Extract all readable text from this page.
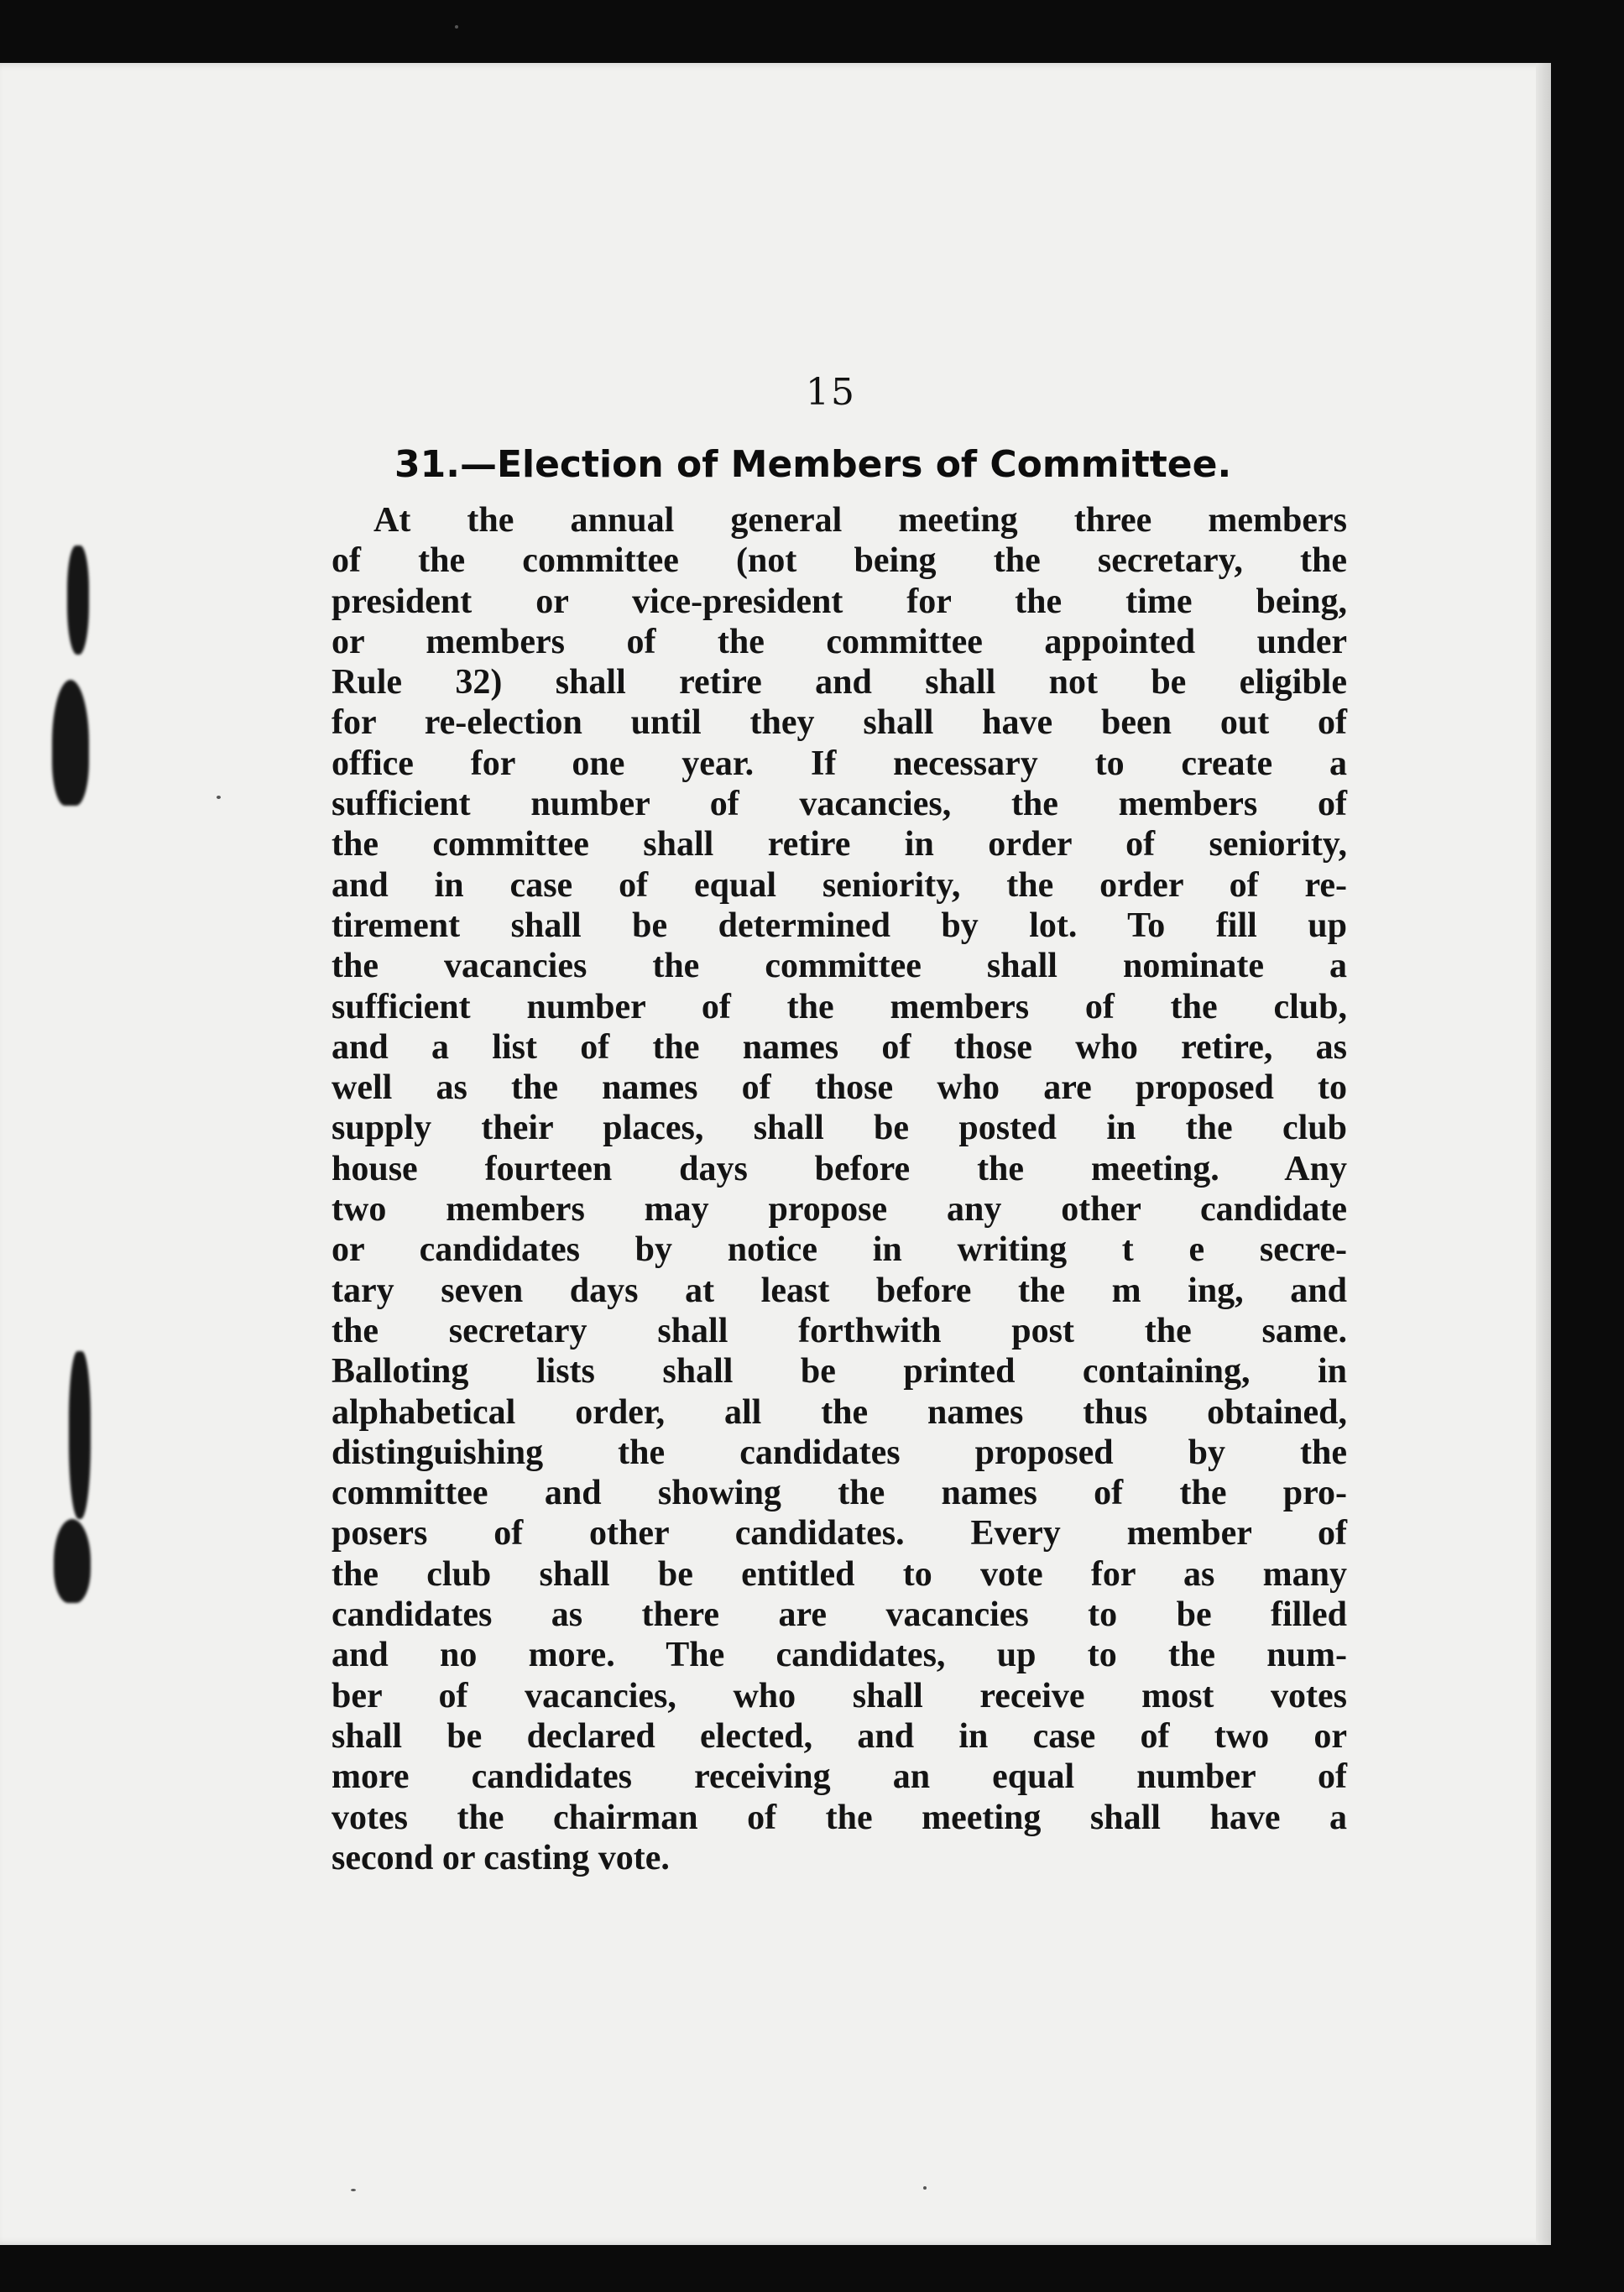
15
31.—Election of Members of Committee.
At the annual general meeting three members
of the committee (not being the secretary, the
president or vice-president for the time being,
or members of the committee appointed under
Rule 32) shall retire and shall not be eligible
for re-election until they shall have been out of
office for one year. If necessary to create a
sufficient number of vacancies, the members of
the committee shall retire in order of seniority,
and in case of equal seniority, the order of re-
tirement shall be determined by lot. To fill up
the vacancies the committee shall nominate a
sufficient number of the members of the club,
and a list of the names of those who retire, as
well as the names of those who are proposed to
supply their places, shall be posted in the club
house fourteen days before the meeting. Any
two members may propose any other candidate
or candidates by notice in writing t e secre-
tary seven days at least before the m ing, and
the secretary shall forthwith post the same.
Balloting lists shall be printed containing, in
alphabetical order, all the names thus obtained,
distinguishing the candidates proposed by the
committee and showing the names of the pro-
posers of other candidates. Every member of
the club shall be entitled to vote for as many
candidates as there are vacancies to be filled
and no more. The candidates, up to the num-
ber of vacancies, who shall receive most votes
shall be declared elected, and in case of two or
more candidates receiving an equal number of
votes the chairman of the meeting shall have a
second or casting vote.
